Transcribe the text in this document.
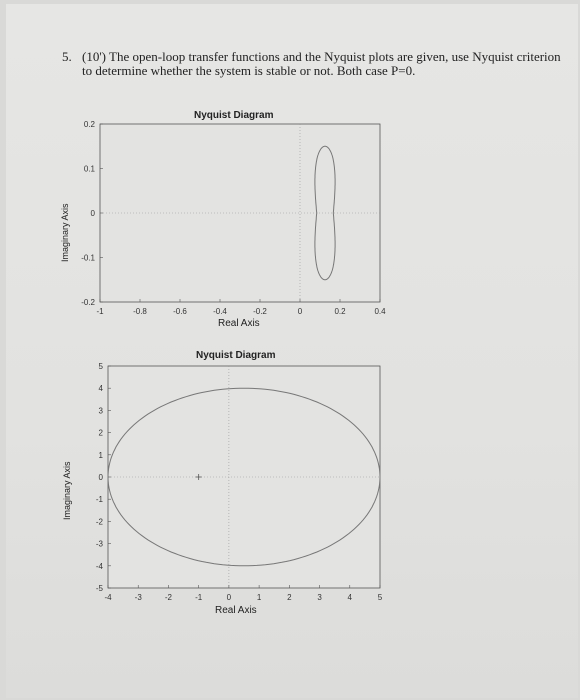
5. (10') The open-loop transfer functions and the Nyquist plots are given, use Nyquist criterion to determine whether the system is stable or not. Both case P=0.
Nyquist Diagram
Real Axis
Imaginary Axis
Nyquist Diagram
Real Axis
Imaginary Axis
-1	-0.8	-0.6	-0.4	-0.2	0	0.2	0.4
0.2
0.1
0
-0.1
-0.2
-4	-3	-2	-1	0	1	2	3	4	5
5
4
3
2
1
0
-1
-2
-3
-4
-5
